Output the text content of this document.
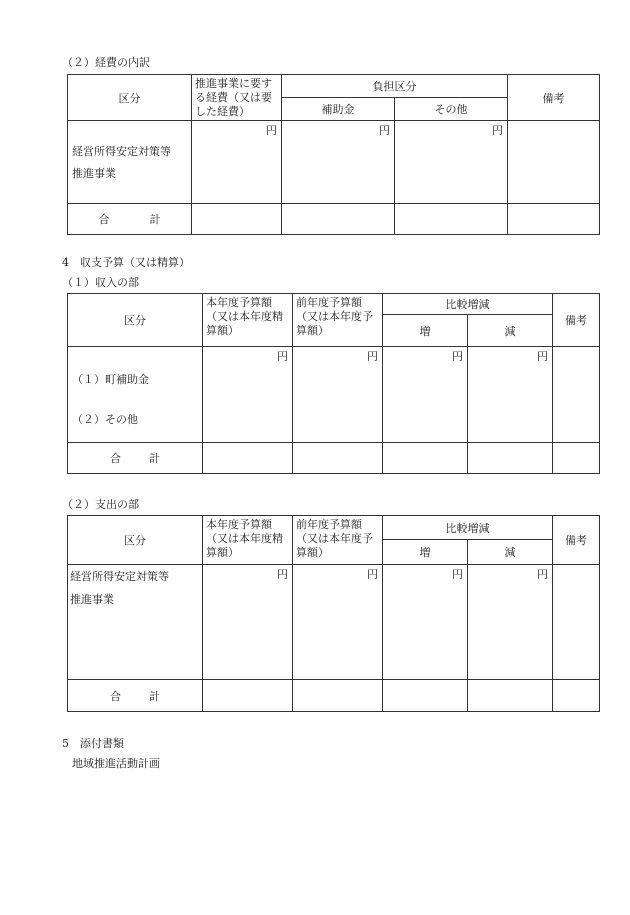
（２）経費の内訳
区分	推進事業に要する経費（又は要した経費）	負担区分		備考
		補助金	その他	

経営所得安定対策等
推進事業	円	円	円	

合 計				
4　収支予算（又は精算）
（１）収入の部
区分	本年度予算額（又は本年度精算額）	前年度予算額（又は本年度予算額）	比較増減		備考
			増	減	

（１）町補助金
（２）その他	円	円	円	円	

合 計					
（２）支出の部
区分	本年度予算額（又は本年度精算額）	前年度予算額（又は本年度予算額）	比較増減		備考
			増	減	

経営所得安定対策等
推進事業	円	円	円	円	

合 計					
5　添付書類
地域推進活動計画
